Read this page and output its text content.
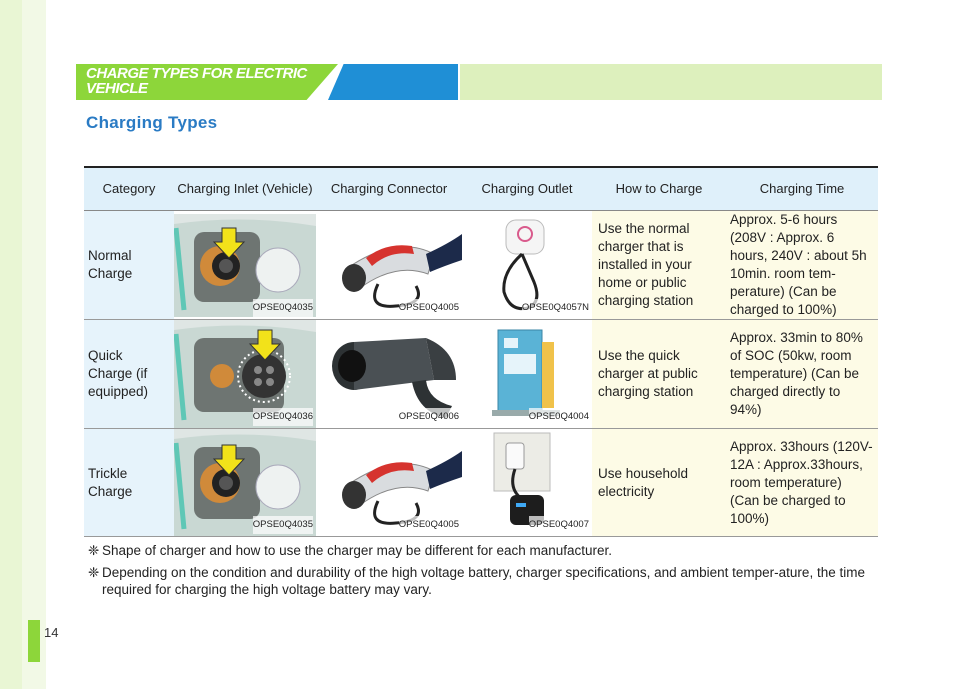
14
CHARGE TYPES FOR ELECTRIC VEHICLE
Charging Types
Category	Charging Inlet (Vehicle)	Charging Connector	Charging Outlet	How to Charge	Charging Time
Normal Charge	OPSE0Q4035	OPSE0Q4005	OPSE0Q4057N	Use the normal charger that is installed in your home or public charging station	Approx. 5-6 hours (208V : Approx. 6 hours, 240V : about 5h 10min. room tem-perature) (Can be charged to 100%)
Quick Charge (if equipped)	OPSE0Q4036	OPSE0Q4006	OPSE0Q4004	Use the quick charger at public charging station	Approx. 33min to 80% of SOC (50kw, room temperature) (Can be charged directly to 94%)
Trickle Charge	OPSE0Q4035	OPSE0Q4005	OPSE0Q4007	Use household electricity	Approx. 33hours (120V-12A : Approx.33hours, room temperature) (Can be charged to 100%)
❈ Shape of charger and how to use the charger may be different for each manufacturer.
❈ Depending on the condition and durability of the high voltage battery, charger specifications, and ambient temper-ature, the time required for charging the high voltage battery may vary.
